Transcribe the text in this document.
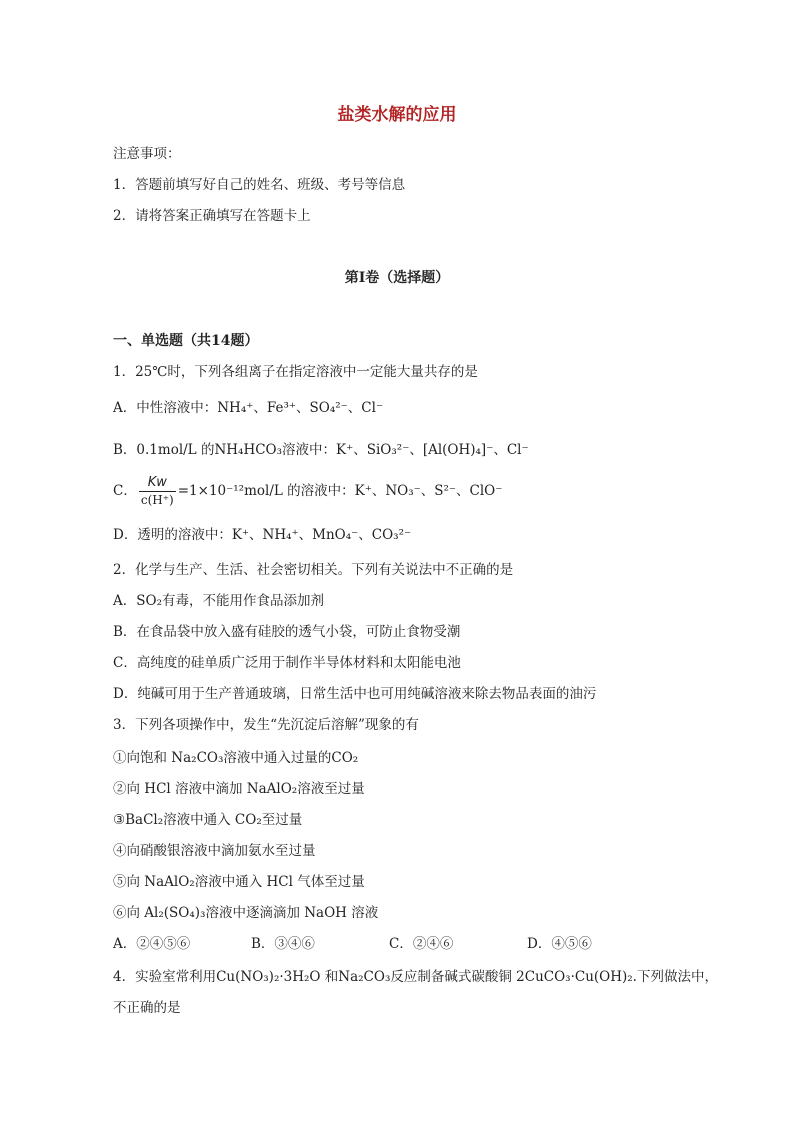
盐类水解的应用
注意事项：
1．答题前填写好自己的姓名、班级、考号等信息
2．请将答案正确填写在答题卡上
第I卷（选择题）
一、单选题（共14题）
1．25℃时，下列各组离子在指定溶液中一定能大量共存的是
A．中性溶液中：NH₄⁺、Fe³⁺、SO₄²⁻、Cl⁻
B．0.1mol/L 的NH₄HCO₃溶液中：K⁺、SiO₃²⁻、[Al(OH)₄]⁻、Cl⁻
C． $\frac{Kw}{c(H^+)} =1\times 10^{-12}mol/L$ 的溶液中：K⁺、NO₃⁻、S²⁻、ClO⁻
D．透明的溶液中：K⁺、NH₄⁺、MnO₄⁻、CO₃²⁻
2．化学与生产、生活、社会密切相关。下列有关说法中不正确的是
A．SO₂有毒，不能用作食品添加剂
B．在食品袋中放入盛有硅胶的透气小袋，可防止食物受潮
C．高纯度的硅单质广泛用于制作半导体材料和太阳能电池
D．纯碱可用于生产普通玻璃，日常生活中也可用纯碱溶液来除去物品表面的油污
3．下列各项操作中，发生“先沉淀后溶解”现象的有
①向饱和 Na₂CO₃溶液中通入过量的CO₂
②向 HCl 溶液中滴加 NaAlO₂溶液至过量
③BaCl₂溶液中通入 CO₂至过量
④向硝酸银溶液中滴加氨水至过量
⑤向 NaAlO₂溶液中通入 HCl 气体至过量
⑥向 Al₂(SO₄)₃溶液中逐滴滴加 NaOH 溶液
A．②④⑤⑥	B．③④⑥	C．②④⑥	D．④⑤⑥
4．实验室常利用Cu(NO₃)₂·3H₂O 和Na₂CO₃反应制备碱式碳酸铜 2CuCO₃·Cu(OH)₂.下列做法中，
不正确的是
